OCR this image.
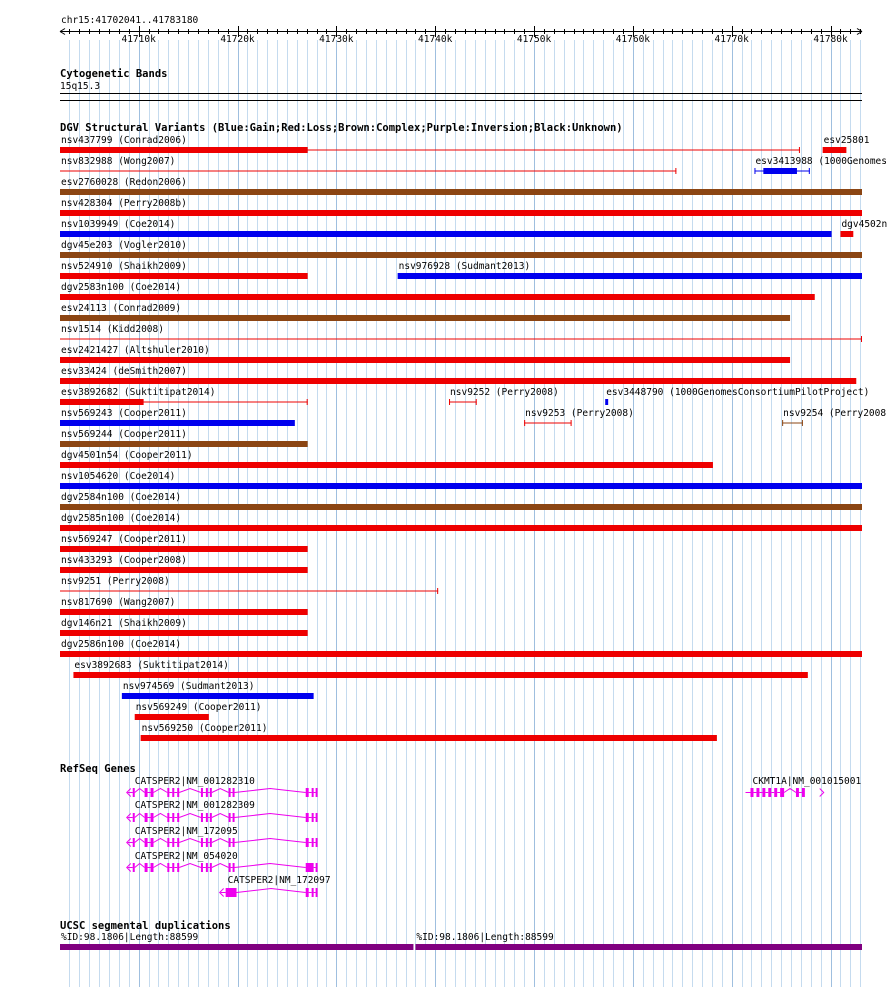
chr15:41702041..41783180
41710k	41720k	41730k	41740k	41750k	41760k	41770k	41780k
Cytogenetic Bands
15q15.3
DGV Structural Variants (Blue:Gain;Red:Loss;Brown:Complex;Purple:Inversion;Black:Unknown)
nsv437799 (Conrad2006)	esv25801
nsv832988 (Wong2007)	esv3413988 (1000Genomes
esv2760028 (Redon2006)
nsv428304 (Perry2008b)
nsv1039949 (Coe2014)	dgv4502n
dgv45e203 (Vogler2010)
nsv524910 (Shaikh2009)	nsv976928 (Sudmant2013)
dgv2583n100 (Coe2014)
esv24113 (Conrad2009)
nsv1514 (Kidd2008)
esv2421427 (Altshuler2010)
esv33424 (deSmith2007)
esv3892682 (Suktitipat2014)	nsv9252 (Perry2008)	esv3448790 (1000GenomesConsortiumPilotProject)
nsv569243 (Cooper2011)	nsv9253 (Perry2008)	nsv9254 (Perry2008
nsv569244 (Cooper2011)
dgv4501n54 (Cooper2011)
nsv1054620 (Coe2014)
dgv2584n100 (Coe2014)
dgv2585n100 (Coe2014)
nsv569247 (Cooper2011)
nsv433293 (Cooper2008)
nsv9251 (Perry2008)
nsv817690 (Wang2007)
dgv146n21 (Shaikh2009)
dgv2586n100 (Coe2014)
esv3892683 (Suktitipat2014)
nsv974569 (Sudmant2013)
nsv569249 (Cooper2011)
nsv569250 (Cooper2011)
RefSeq Genes
CATSPER2|NM_001282310
CATSPER2|NM_001282309
CATSPER2|NM_172095
CATSPER2|NM_054020
CATSPER2|NM_172097
CKMT1A|NM_001015001
UCSC segmental duplications
%ID:98.1806|Length:88599	%ID:98.1806|Length:88599
